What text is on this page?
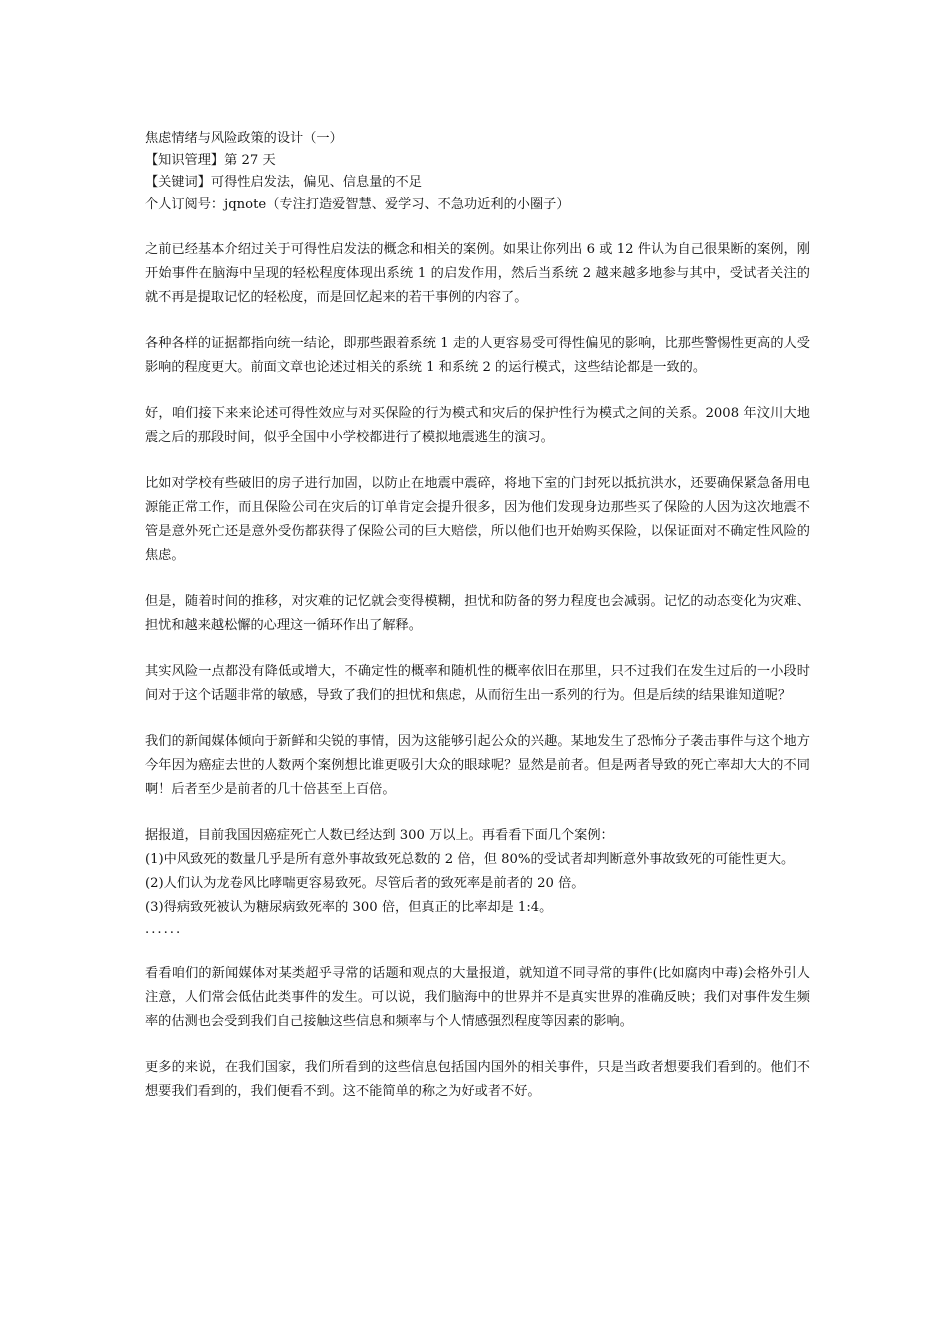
焦虑情绪与风险政策的设计（一）

【知识管理】第 27 天

【关键词】可得性启发法，偏见、信息量的不足

个人订阅号：jqnote（专注打造爱智慧、爱学习、不急功近利的小圈子）

之前已经基本介绍过关于可得性启发法的概念和相关的案例。如果让你列出 6 或 12 件认为自己很果断的案例，刚开始事件在脑海中呈现的轻松程度体现出系统 1 的启发作用，然后当系统 2 越来越多地参与其中，受试者关注的就不再是提取记忆的轻松度，而是回忆起来的若干事例的内容了。

各种各样的证据都指向统一结论，即那些跟着系统 1 走的人更容易受可得性偏见的影响，比那些警惕性更高的人受影响的程度更大。前面文章也论述过相关的系统 1 和系统 2 的运行模式，这些结论都是一致的。

好，咱们接下来来论述可得性效应与对买保险的行为模式和灾后的保护性行为模式之间的关系。2008 年汶川大地震之后的那段时间，似乎全国中小学校都进行了模拟地震逃生的演习。

比如对学校有些破旧的房子进行加固，以防止在地震中震碎，将地下室的门封死以抵抗洪水，还要确保紧急备用电源能正常工作，而且保险公司在灾后的订单肯定会提升很多，因为他们发现身边那些买了保险的人因为这次地震不管是意外死亡还是意外受伤都获得了保险公司的巨大赔偿，所以他们也开始购买保险，以保证面对不确定性风险的焦虑。

但是，随着时间的推移，对灾难的记忆就会变得模糊，担忧和防备的努力程度也会减弱。记忆的动态变化为灾难、担忧和越来越松懈的心理这一循环作出了解释。

其实风险一点都没有降低或增大，不确定性的概率和随机性的概率依旧在那里，只不过我们在发生过后的一小段时间对于这个话题非常的敏感，导致了我们的担忧和焦虑，从而衍生出一系列的行为。但是后续的结果谁知道呢？

我们的新闻媒体倾向于新鲜和尖锐的事情，因为这能够引起公众的兴趣。某地发生了恐怖分子袭击事件与这个地方今年因为癌症去世的人数两个案例想比谁更吸引大众的眼球呢？显然是前者。但是两者导致的死亡率却大大的不同啊！后者至少是前者的几十倍甚至上百倍。

据报道，目前我国因癌症死亡人数已经达到 300 万以上。再看看下面几个案例：

(1)中风致死的数量几乎是所有意外事故致死总数的 2 倍，但 80%的受试者却判断意外事故致死的可能性更大。

(2)人们认为龙卷风比哮喘更容易致死。尽管后者的致死率是前者的 20 倍。

(3)得病致死被认为糖尿病致死率的 300 倍，但真正的比率却是 1:4。

......

看看咱们的新闻媒体对某类超乎寻常的话题和观点的大量报道，就知道不同寻常的事件(比如腐肉中毒)会格外引人注意，人们常会低估此类事件的发生。可以说，我们脑海中的世界并不是真实世界的准确反映；我们对事件发生频率的估测也会受到我们自己接触这些信息和频率与个人情感强烈程度等因素的影响。

更多的来说，在我们国家，我们所看到的这些信息包括国内国外的相关事件，只是当政者想要我们看到的。他们不想要我们看到的，我们便看不到。这不能简单的称之为好或者不好。
